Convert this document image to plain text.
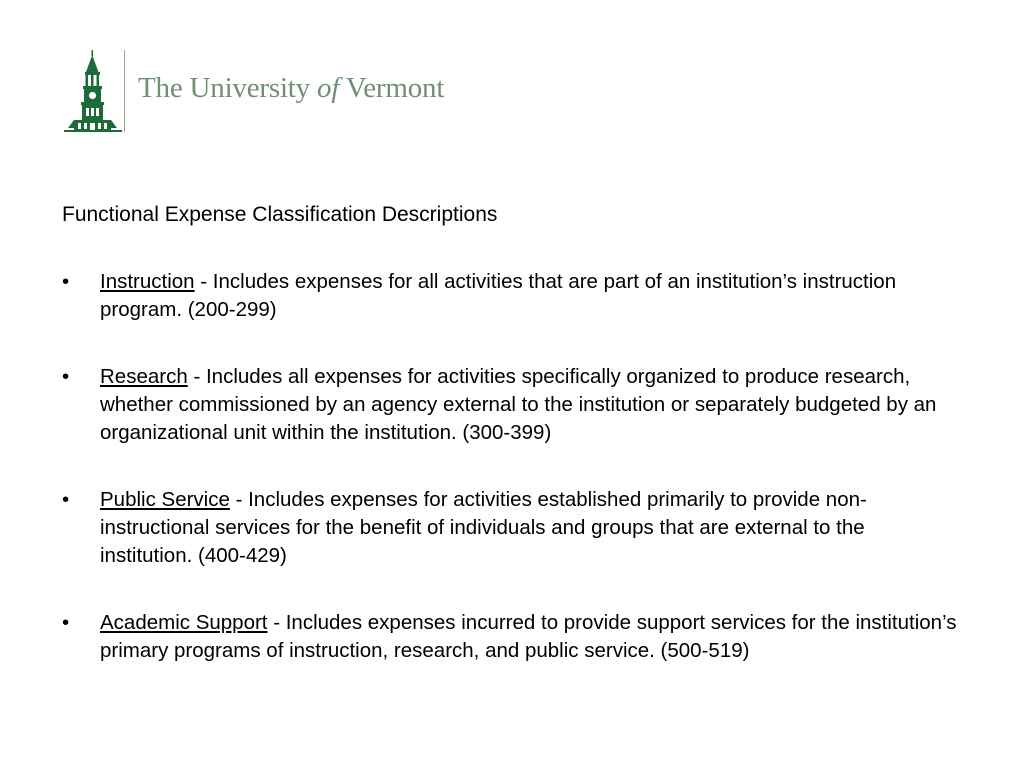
The University of Vermont
Functional Expense Classification Descriptions
•	Instruction - Includes expenses for all activities that are part of an institution’s instruction program. (200-299)
•	Research - Includes all expenses for activities specifically organized to produce research, whether commissioned by an agency external to the institution or separately budgeted by an organizational unit within the institution. (300-399)
•	Public Service - Includes expenses for activities established primarily to provide non-instructional services for the benefit of individuals and groups that are external to the institution. (400-429)
•	Academic Support - Includes expenses incurred to provide support services for the institution’s primary programs of instruction, research, and public service. (500-519)
